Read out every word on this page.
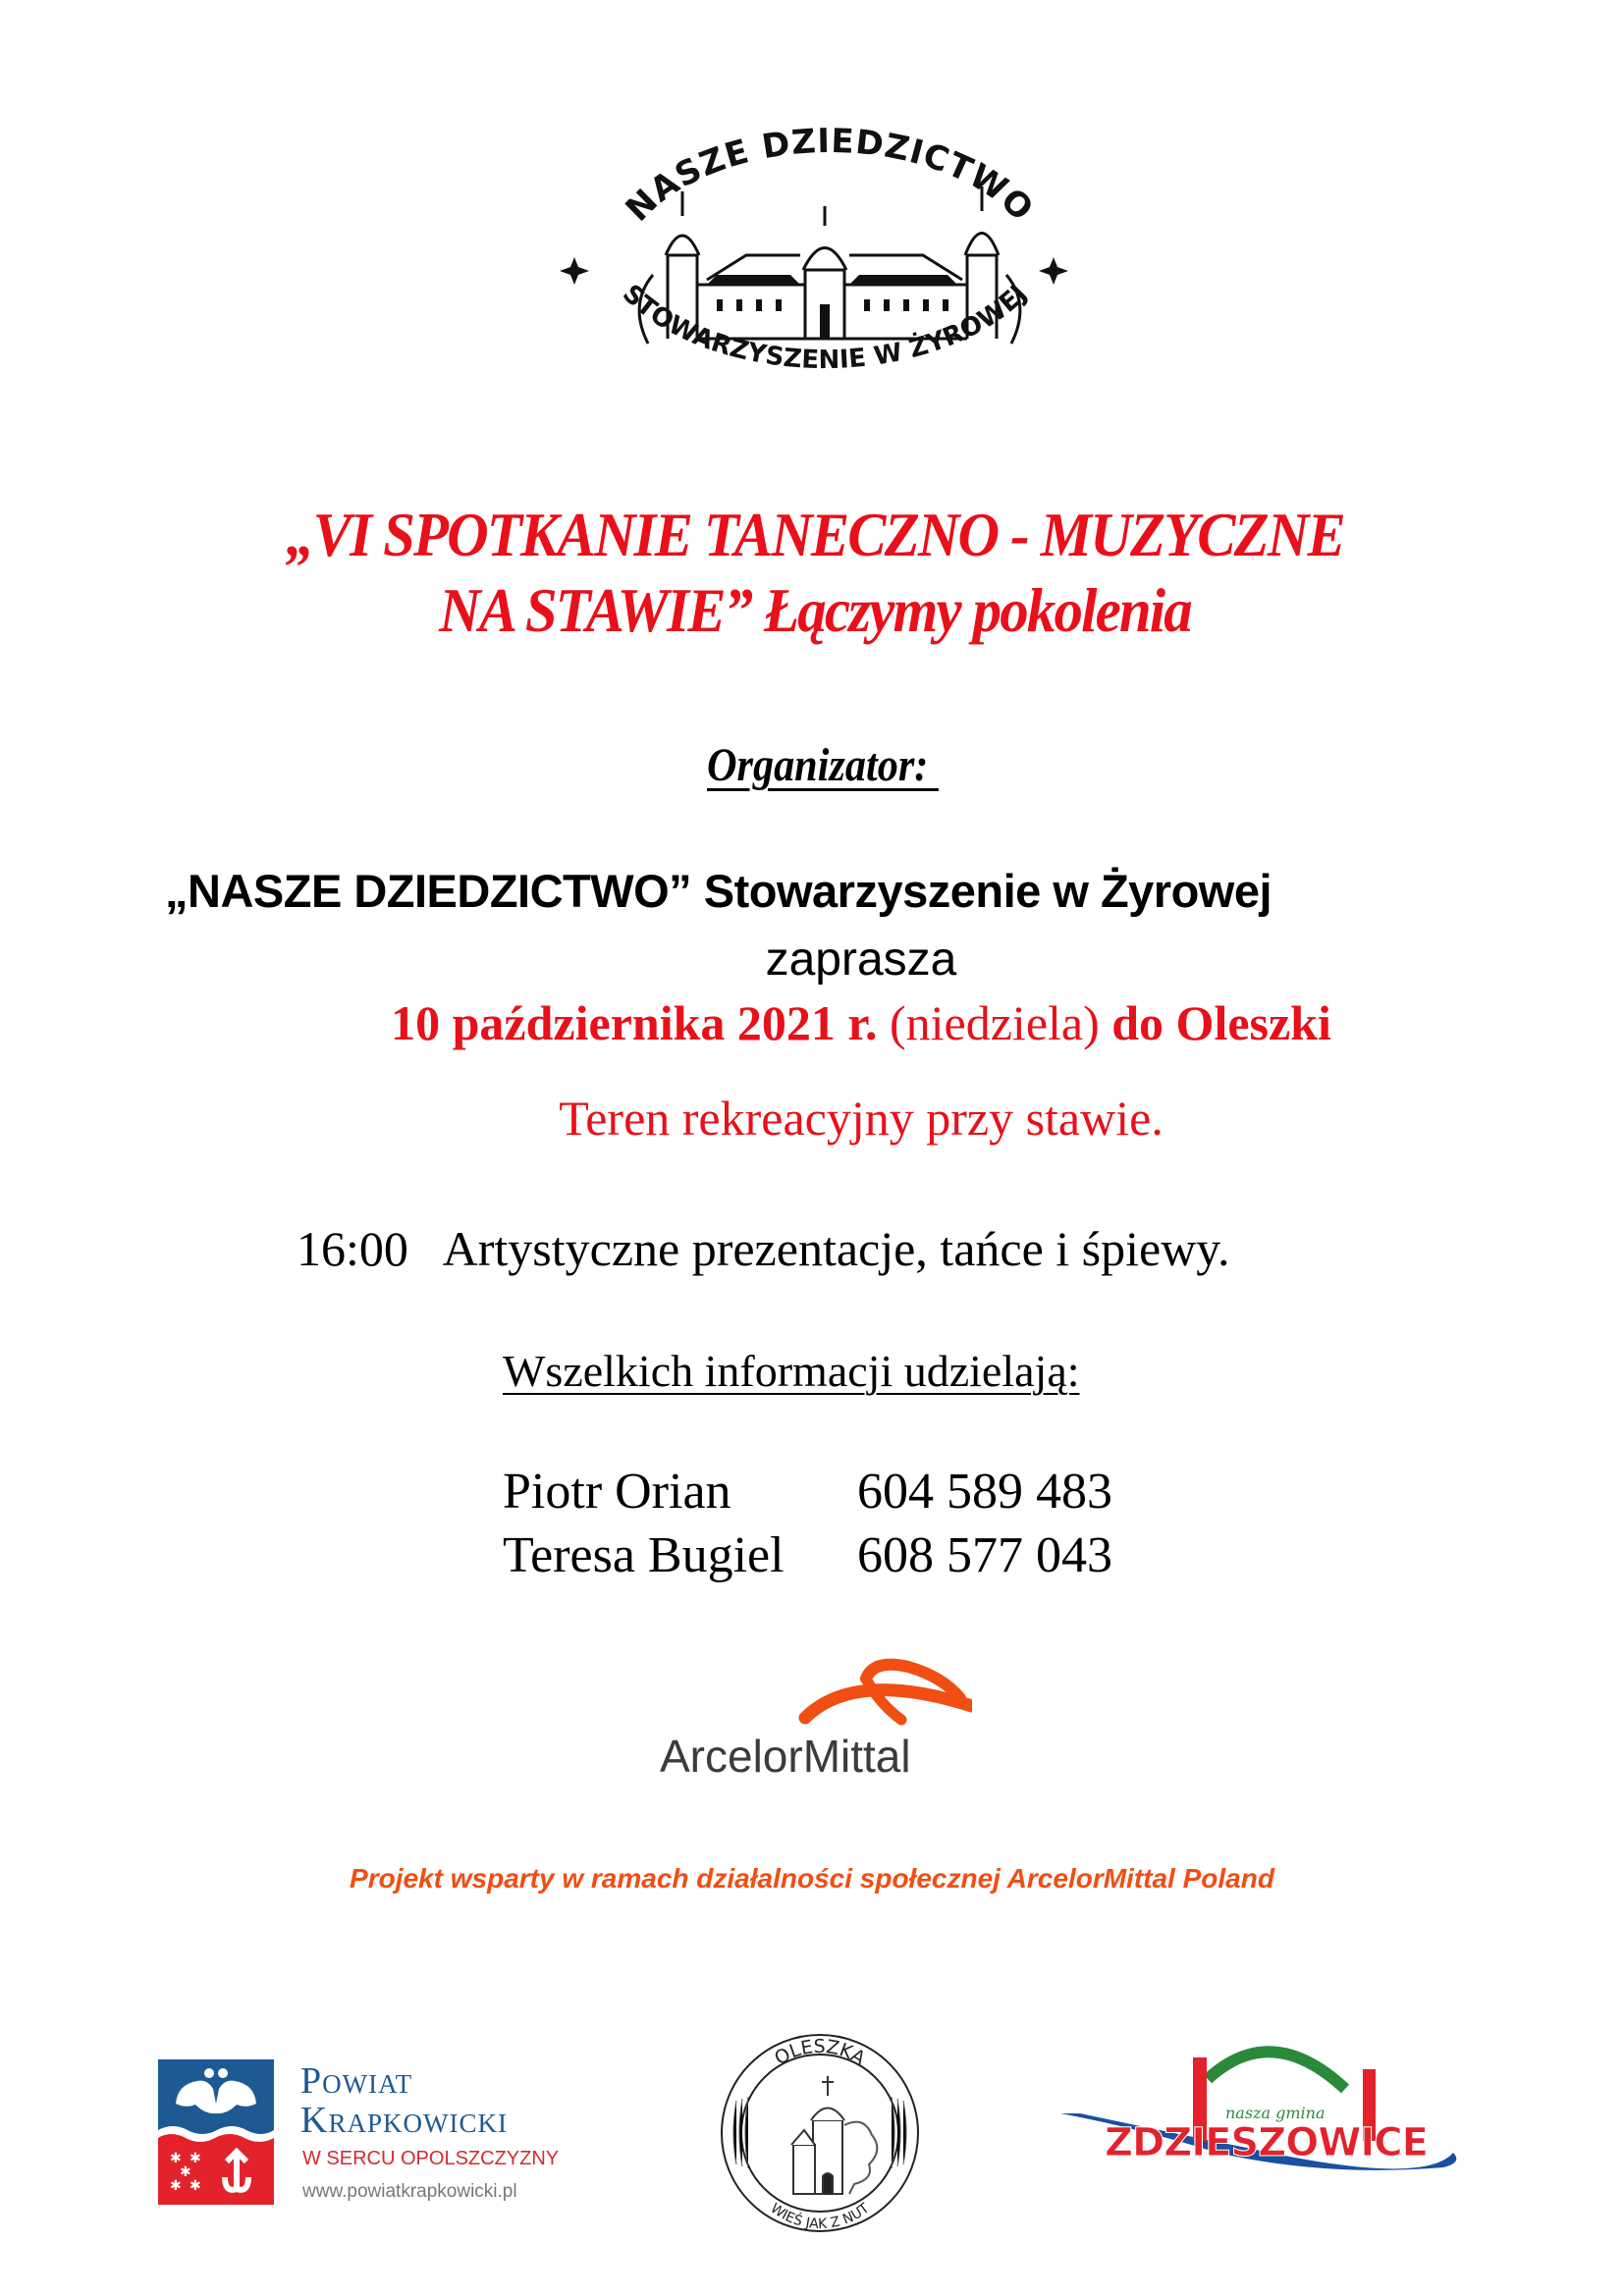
NASZE DZIEDZICTWO
STOWARZYSZENIE W ŻYROWEJ
„VI SPOTKANIE TANECZNO - MUZYCZNE
NA STAWIE” Łączymy pokolenia
Organizator:
„NASZE DZIEDZICTWO” Stowarzyszenie w Żyrowej
zaprasza
10 października 2021 r. (niedziela) do Oleszki
Teren rekreacyjny przy stawie.
16:00   Artystyczne prezentacje, tańce i śpiewy.
Wszelkich informacji udzielają:
Piotr Orian 604 589 483
Teresa Bugiel 608 577 043
ArcelorMittal
Projekt wsparty w ramach działalności społecznej ArcelorMittal Poland
✱ ✱
✱
✱ ✱
Powiat
Krapkowicki
W SERCU OPOLSZCZYZNY
www.powiatkrapkowicki.pl
OLESZKA
WIEŚ JAK Z NUT
nasza gmina
ZDZIESZOWICE
